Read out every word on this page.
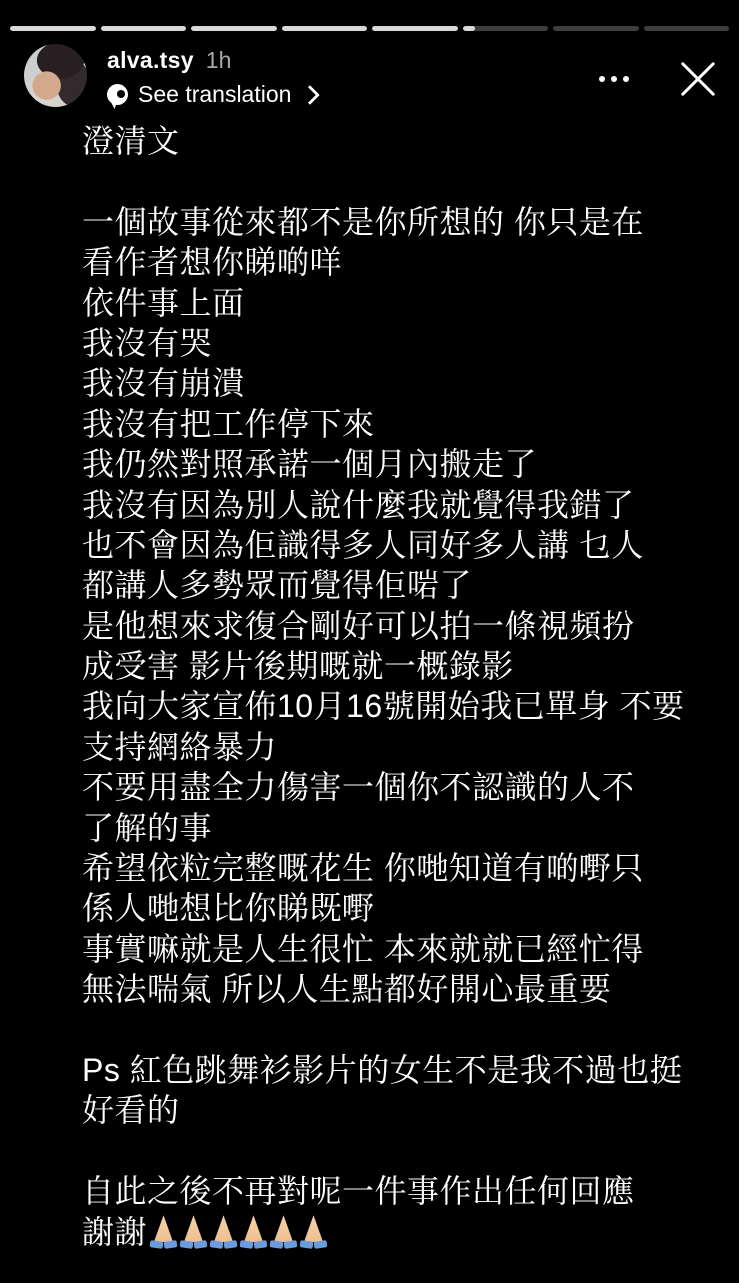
alva.tsy 1h
See translation
澄清文
一個故事從來都不是你所想的 你只是在
看作者想你睇啲咩
依件事上面
我沒有哭
我沒有崩潰
我沒有把工作停下來
我仍然對照承諾一個月內搬走了
我沒有因為別人說什麼我就覺得我錯了
也不會因為佢識得多人同好多人講 乜人
都講人多勢眾而覺得佢啱了
是他想來求復合剛好可以拍一條視頻扮
成受害 影片後期嘅就一概錄影
我向大家宣佈10月16號開始我已單身 不要
支持網絡暴力
不要用盡全力傷害一個你不認識的人不
了解的事
希望依粒完整嘅花生 你哋知道有啲嘢只
係人哋想比你睇既嘢
事實嘛就是人生很忙 本來就就已經忙得
無法喘氣 所以人生點都好開心最重要
Ps 紅色跳舞衫影片的女生不是我不過也挺
好看的
自此之後不再對呢一件事作出任何回應
謝謝
